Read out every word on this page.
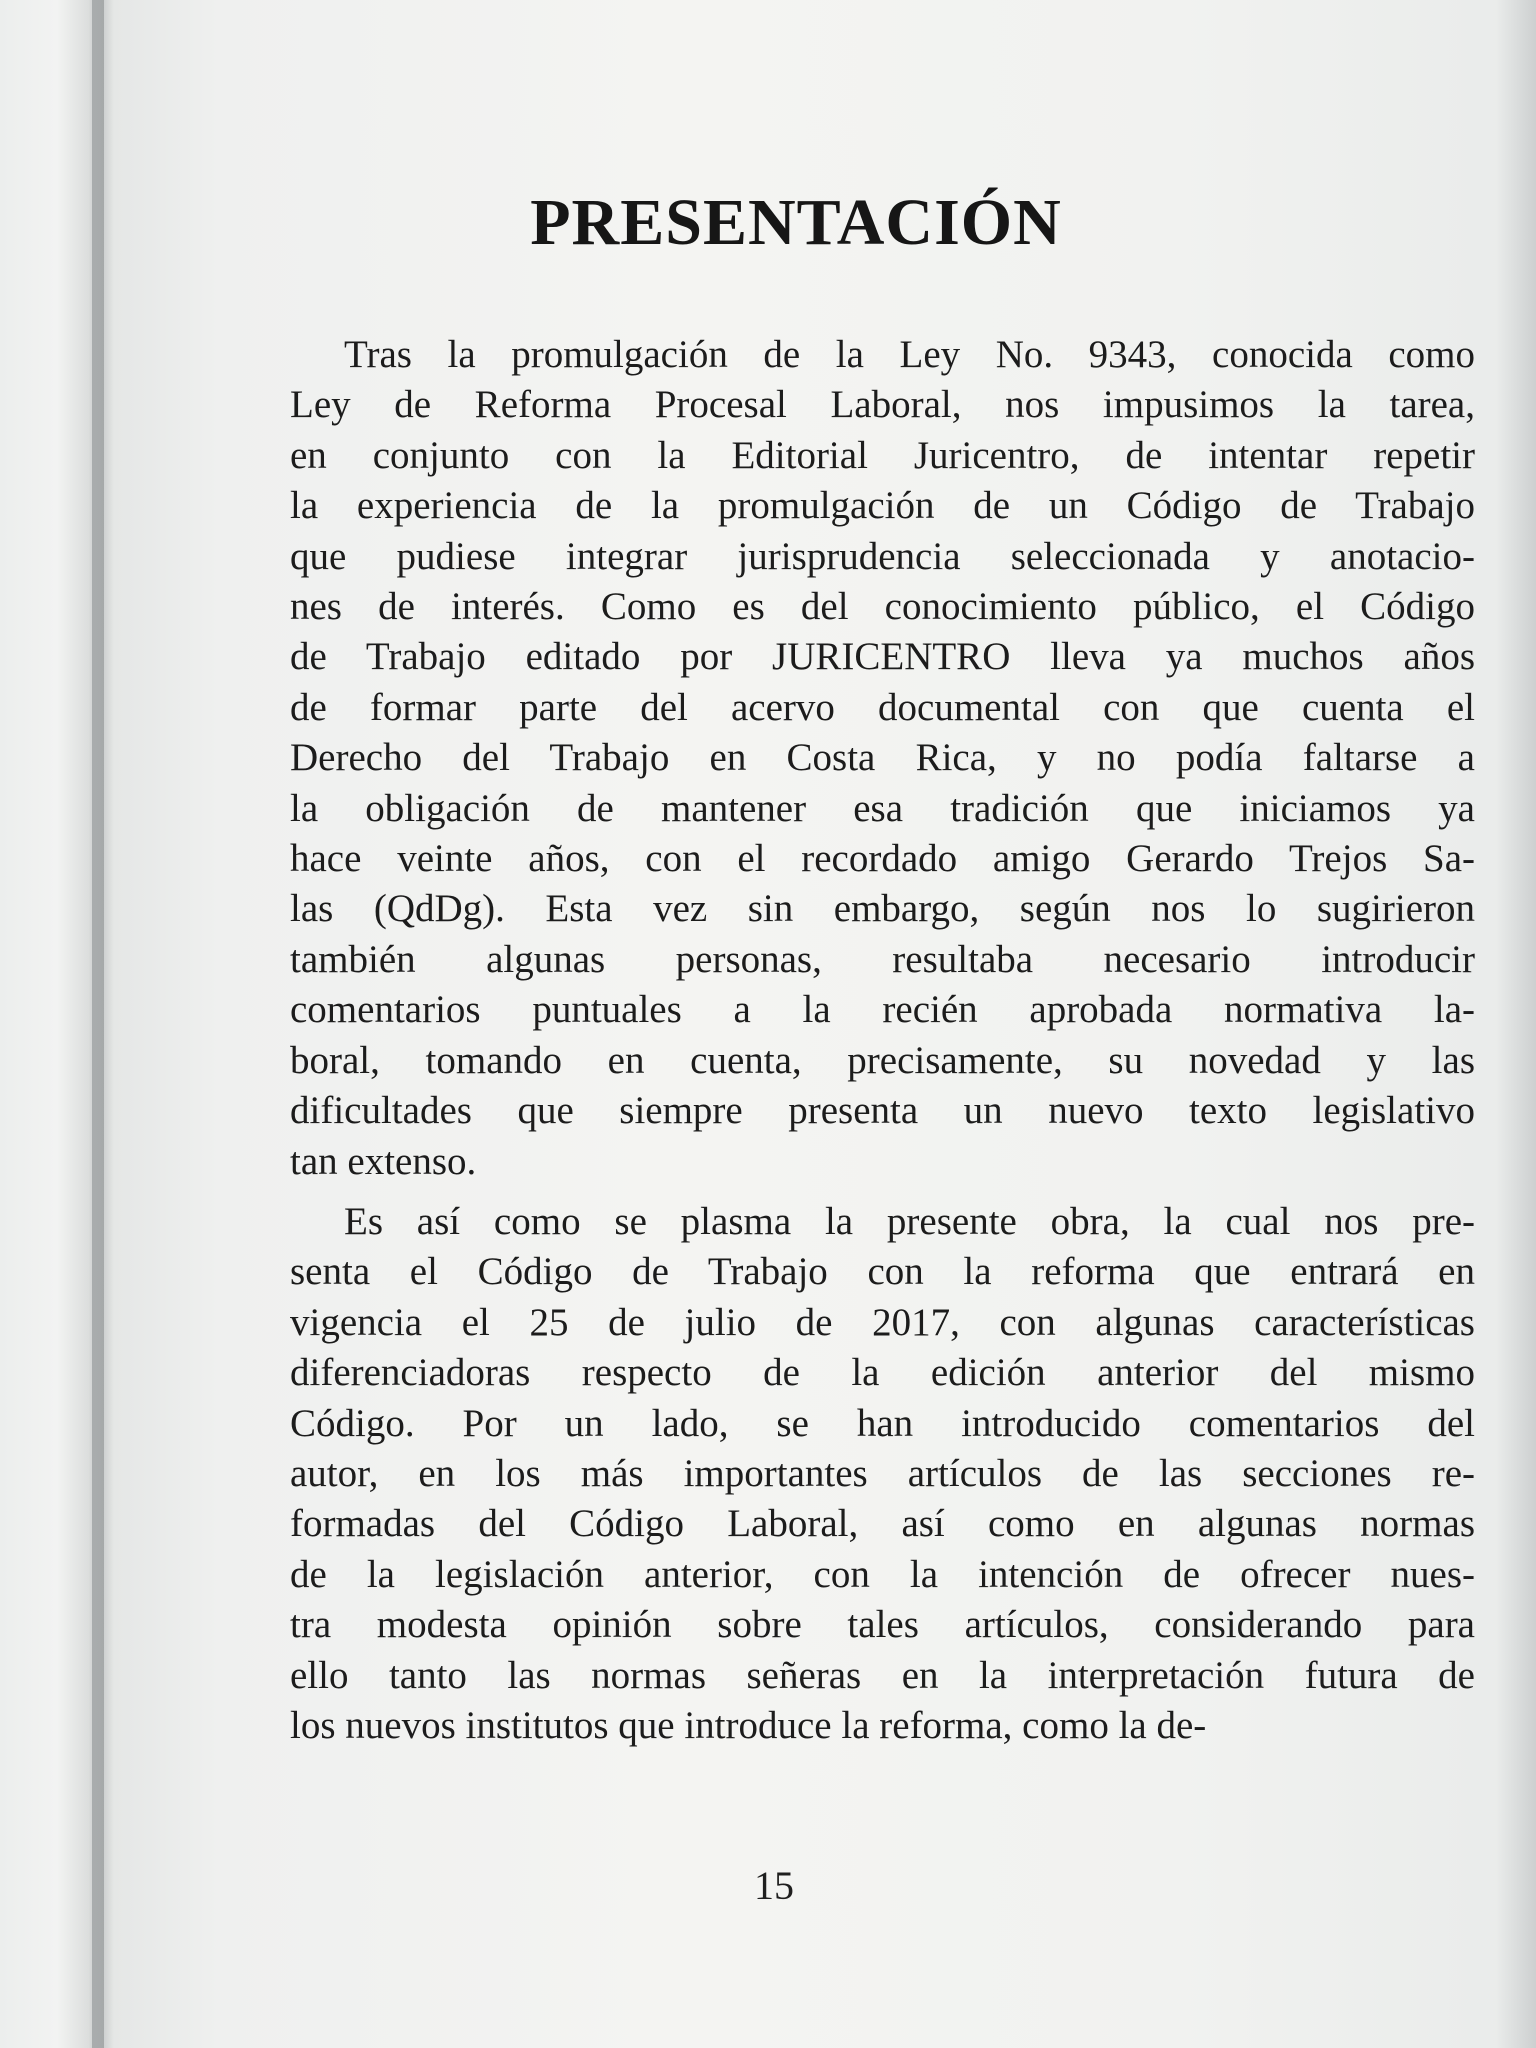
PRESENTACIÓN

Tras la promulgación de la Ley No. 9343, conocida como
Ley de Reforma Procesal Laboral, nos impusimos la tarea,
en conjunto con la Editorial Juricentro, de intentar repetir
la experiencia de la promulgación de un Código de Trabajo
que pudiese integrar jurisprudencia seleccionada y anotacio-
nes de interés. Como es del conocimiento público, el Código
de Trabajo editado por JURICENTRO lleva ya muchos años
de formar parte del acervo documental con que cuenta el
Derecho del Trabajo en Costa Rica, y no podía faltarse a
la obligación de mantener esa tradición que iniciamos ya
hace veinte años, con el recordado amigo Gerardo Trejos Sa-
las (QdDg). Esta vez sin embargo, según nos lo sugirieron
también algunas personas, resultaba necesario introducir
comentarios puntuales a la recién aprobada normativa la-
boral, tomando en cuenta, precisamente, su novedad y las
dificultades que siempre presenta un nuevo texto legislativo
tan extenso.

Es así como se plasma la presente obra, la cual nos pre-
senta el Código de Trabajo con la reforma que entrará en
vigencia el 25 de julio de 2017, con algunas características
diferenciadoras respecto de la edición anterior del mismo
Código. Por un lado, se han introducido comentarios del
autor, en los más importantes artículos de las secciones re-
formadas del Código Laboral, así como en algunas normas
de la legislación anterior, con la intención de ofrecer nues-
tra modesta opinión sobre tales artículos, considerando para
ello tanto las normas señeras en la interpretación futura de
los nuevos institutos que introduce la reforma, como la de-

15
